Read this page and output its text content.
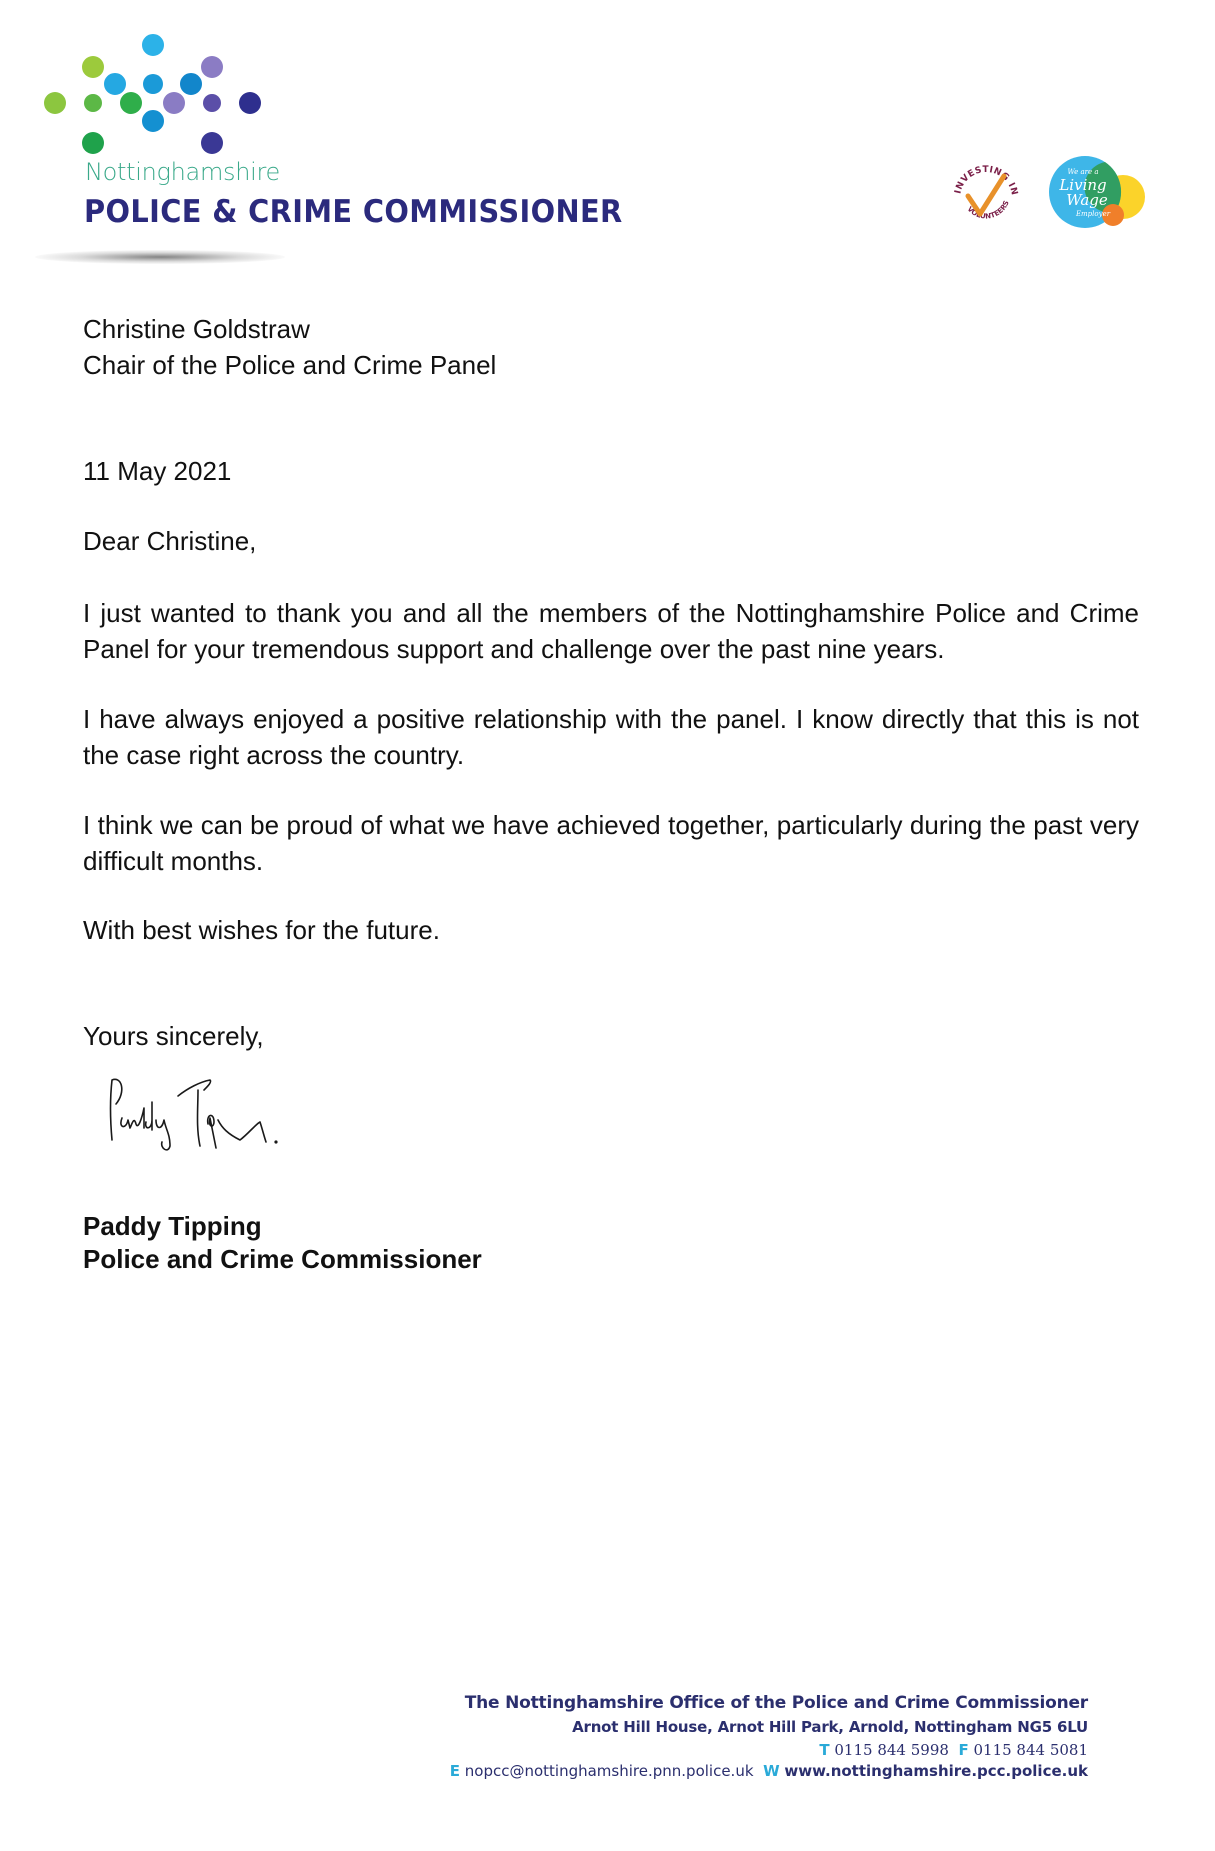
Nottinghamshire
POLICE & CRIME COMMISSIONER
INVESTING IN
VOLUNTEERS
We are a
Living
Wage
Employer
Christine Goldstraw
Chair of the Police and Crime Panel
11 May 2021
Dear Christine,
I just wanted to thank you and all the members of the Nottinghamshire Police and Crime Panel for your tremendous support and challenge over the past nine years.
I have always enjoyed a positive relationship with the panel. I know directly that this is not the case right across the country.
I think we can be proud of what we have achieved together, particularly during the past very difficult months.
With best wishes for the future.
Yours sincerely,
Paddy Tipping
Police and Crime Commissioner
The Nottinghamshire Office of the Police and Crime Commissioner
Arnot Hill House, Arnot Hill Park, Arnold, Nottingham NG5 6LU
T 0115 844 5998 F 0115 844 5081
E nopcc@nottinghamshire.pnn.police.uk W www.nottinghamshire.pcc.police.uk
